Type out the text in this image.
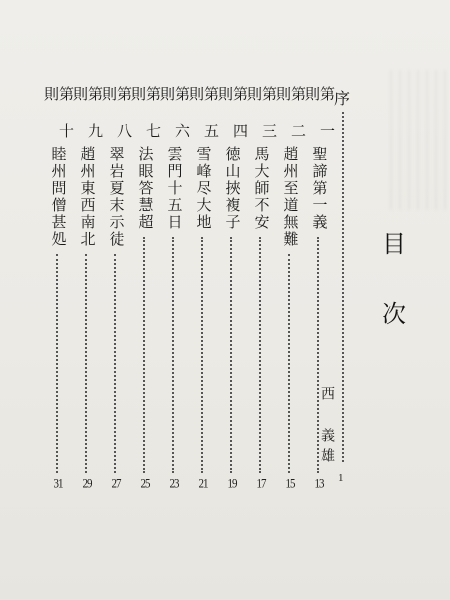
目
次
序
西 義雄
1
第 一 則
聖諦第一義
13
第 二 則
趙州至道無難
15
第 三 則
馬大師不安
17
第 四 則
徳山挾複子
19
第 五 則
雪峰尽大地
21
第 六 則
雲門十五日
23
第 七 則
法眼答慧超
25
第 八 則
翠岩夏末示徒
27
第 九 則
趙州東西南北
29
第 十 則
睦州問僧甚処
31
